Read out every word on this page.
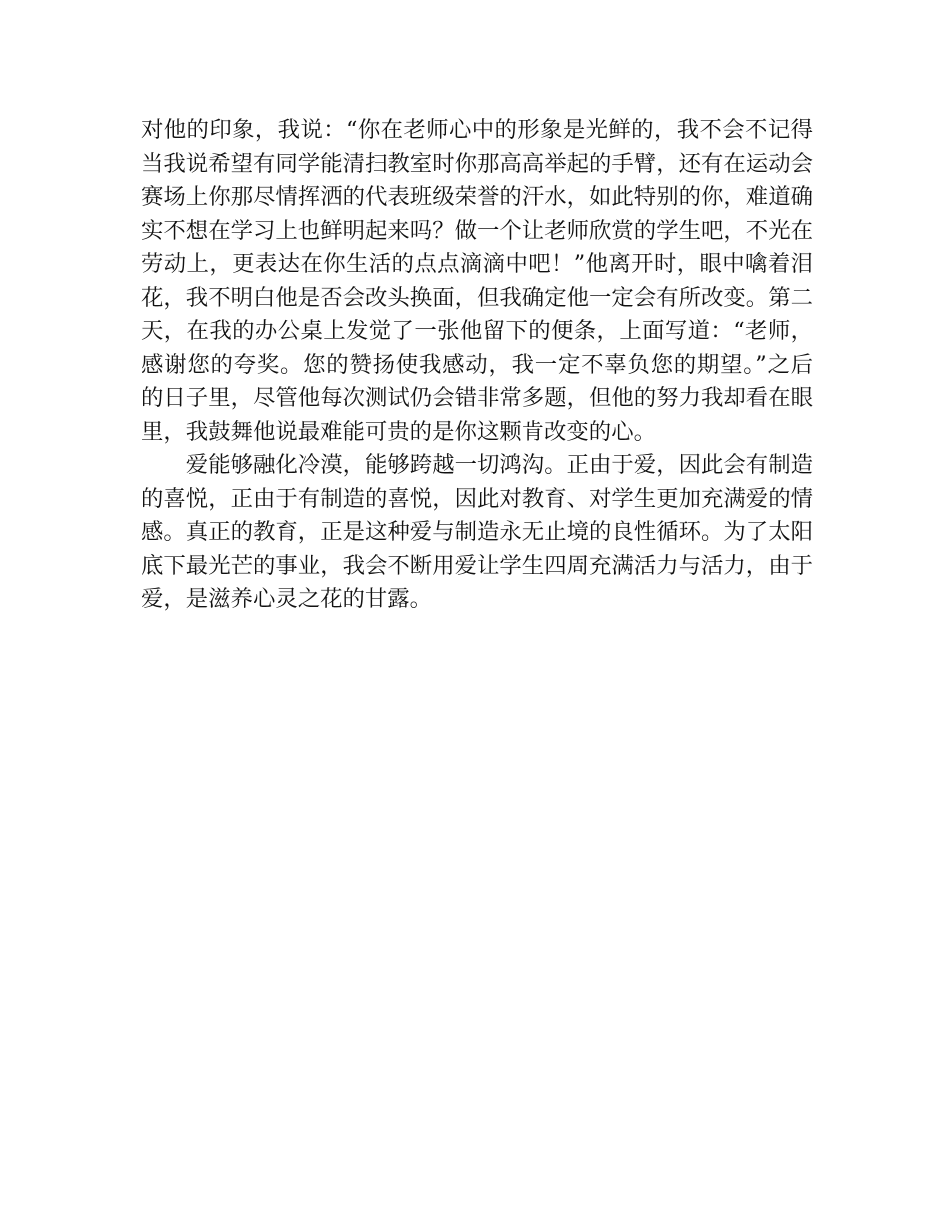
对他的印象，我说：“你在老师心中的形象是光鲜的，我不会不记得
当我说希望有同学能清扫教室时你那高高举起的手臂，还有在运动会
赛场上你那尽情挥洒的代表班级荣誉的汗水，如此特别的你，难道确
实不想在学习上也鲜明起来吗？做一个让老师欣赏的学生吧，不光在
劳动上，更表达在你生活的点点滴滴中吧！”他离开时，眼中噙着泪
花，我不明白他是否会改头换面，但我确定他一定会有所改变。第二
天，在我的办公桌上发觉了一张他留下的便条，上面写道：“老师，
感谢您的夸奖。您的赞扬使我感动，我一定不辜负您的期望。”之后
的日子里，尽管他每次测试仍会错非常多题，但他的努力我却看在眼
里，我鼓舞他说最难能可贵的是你这颗肯改变的心。
爱能够融化冷漠，能够跨越一切鸿沟。正由于爱，因此会有制造
的喜悦，正由于有制造的喜悦，因此对教育、对学生更加充满爱的情
感。真正的教育，正是这种爱与制造永无止境的良性循环。为了太阳
底下最光芒的事业，我会不断用爱让学生四周充满活力与活力，由于
爱，是滋养心灵之花的甘露。
